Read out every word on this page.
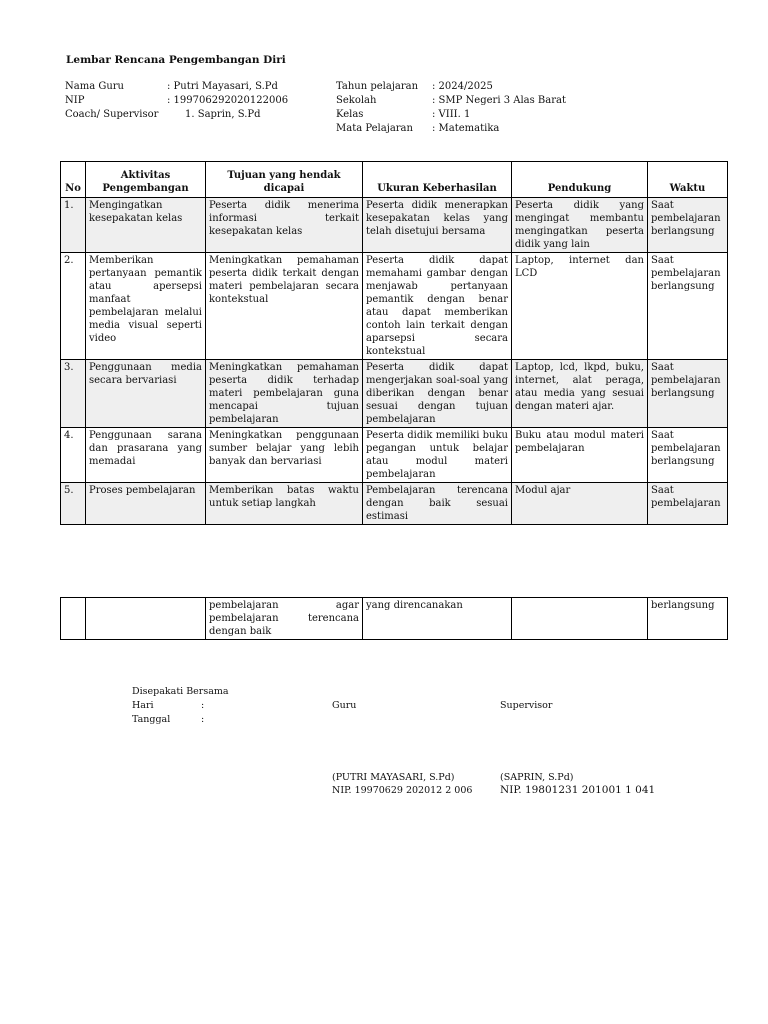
Lembar Rencana Pengembangan Diri
Nama Guru	: Putri Mayasari, S.Pd
NIP	: 199706292020122006
Coach/ Supervisor	1. Saprin, S.Pd
Tahun pelajaran : 2024/2025
Sekolah	: SMP Negeri 3 Alas Barat
Kelas	: VIII. 1
Mata Pelajaran : Matematika
No	Aktivitas Pengembangan	Tujuan yang hendak dicapai	Ukuran Keberhasilan	Pendukung	Waktu
1.	Mengingatkan kesepakatan kelas	Peserta didik menerima informasi terkait kesepakatan kelas	Peserta didik menerapkan kesepakatan kelas yang telah disetujui bersama	Peserta didik yang mengingat membantu mengingatkan peserta didik yang lain	Saat pembelajaran berlangsung
2.	Memberikan pertanyaan pemantik atau apersepsi manfaat pembelajaran melalui media visual seperti video	Meningkatkan pemahaman peserta didik terkait dengan materi pembelajaran secara kontekstual	Peserta didik dapat memahami gambar dengan menjawab pertanyaan pemantik dengan benar atau dapat memberikan contoh lain terkait dengan aparsepsi secara kontekstual	Laptop, internet dan LCD	Saat pembelajaran berlangsung
3.	Penggunaan media secara bervariasi	Meningkatkan pemahaman peserta didik terhadap materi pembelajaran guna mencapai tujuan pembelajaran	Peserta didik dapat mengerjakan soal-soal yang diberikan dengan benar sesuai dengan tujuan pembelajaran	Laptop, lcd, lkpd, buku, internet, alat peraga, atau media yang sesuai dengan materi ajar.	Saat pembelajaran berlangsung
4.	Penggunaan sarana dan prasarana yang memadai	Meningkatkan penggunaan sumber belajar yang lebih banyak dan bervariasi	Peserta didik memiliki buku pegangan untuk belajar atau modul materi pembelajaran	Buku atau modul materi pembelajaran	Saat pembelajaran berlangsung
5.	Proses pembelajaran	Memberikan batas waktu untuk setiap langkah	Pembelajaran terencana dengan baik sesuai estimasi	Modul ajar	Saat pembelajaran
		pembelajaran agar pembelajaran terencana dengan baik	yang direncanakan		berlangsung
Disepakati Bersama
Hari	:
Tanggal	:
Guru	Supervisor
(PUTRI MAYASARI, S.Pd)
NIP. 19970629 202012 2 006
(SAPRIN, S.Pd)
NIP. 19801231 201001 1 041
